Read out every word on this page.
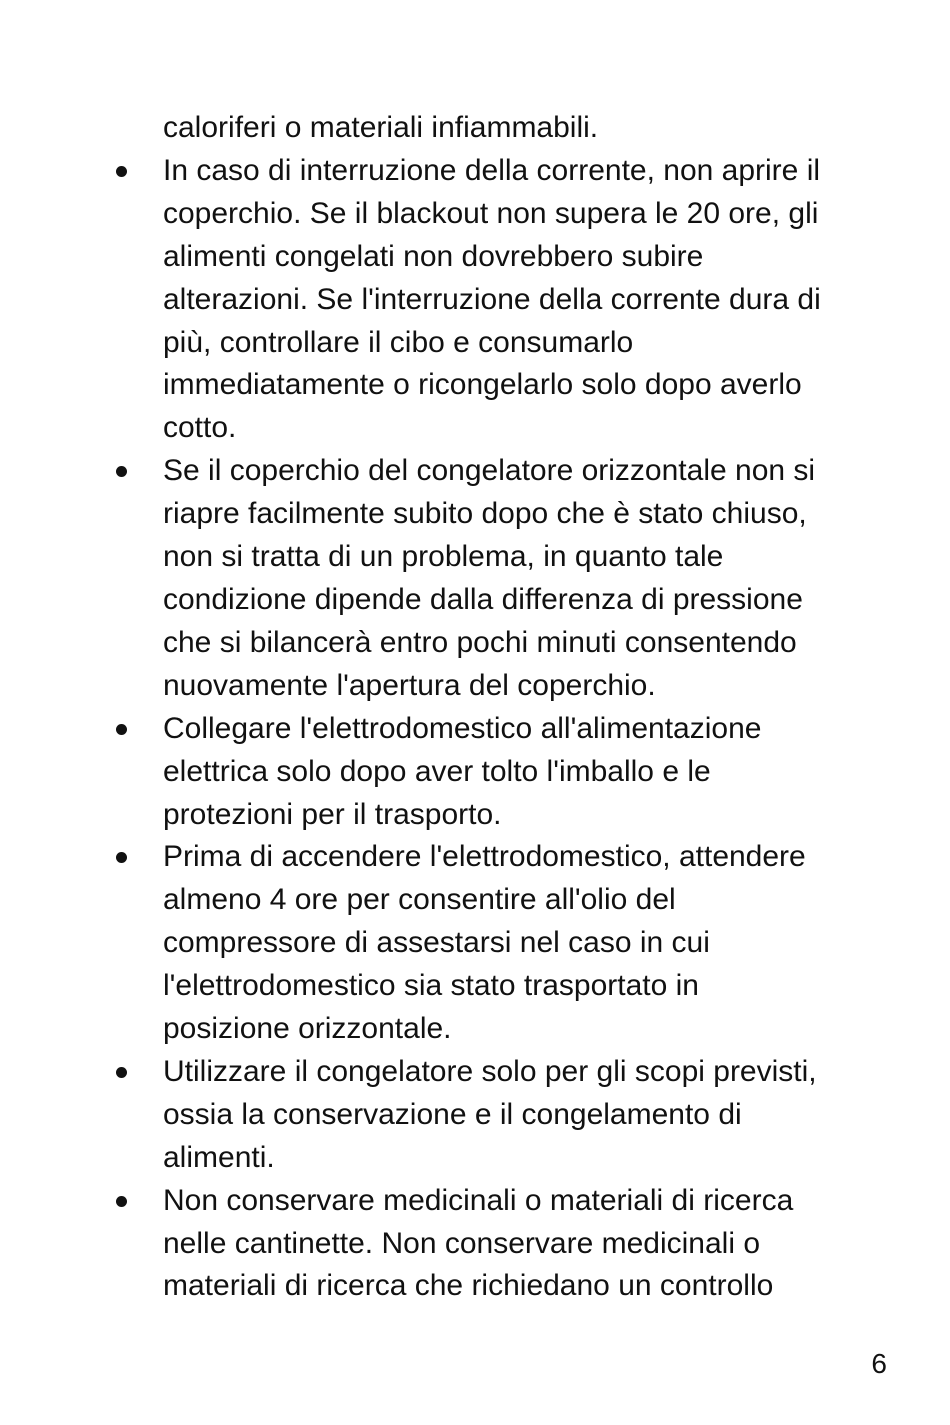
caloriferi o materiali infiammabili.
In caso di interruzione della corrente, non aprire il
coperchio. Se il blackout non supera le 20 ore, gli
alimenti congelati non dovrebbero subire
alterazioni. Se l'interruzione della corrente dura di
più, controllare il cibo e consumarlo
immediatamente o ricongelarlo solo dopo averlo
cotto.
Se il coperchio del congelatore orizzontale non si
riapre facilmente subito dopo che è stato chiuso,
non si tratta di un problema, in quanto tale
condizione dipende dalla differenza di pressione
che si bilancerà entro pochi minuti consentendo
nuovamente l'apertura del coperchio.
Collegare l'elettrodomestico all'alimentazione
elettrica solo dopo aver tolto l'imballo e le
protezioni per il trasporto.
Prima di accendere l'elettrodomestico, attendere
almeno 4 ore per consentire all'olio del
compressore di assestarsi nel caso in cui
l'elettrodomestico sia stato trasportato in
posizione orizzontale.
Utilizzare il congelatore solo per gli scopi previsti,
ossia la conservazione e il congelamento di
alimenti.
Non conservare medicinali o materiali di ricerca
nelle cantinette. Non conservare medicinali o
materiali di ricerca che richiedano un controllo
6
